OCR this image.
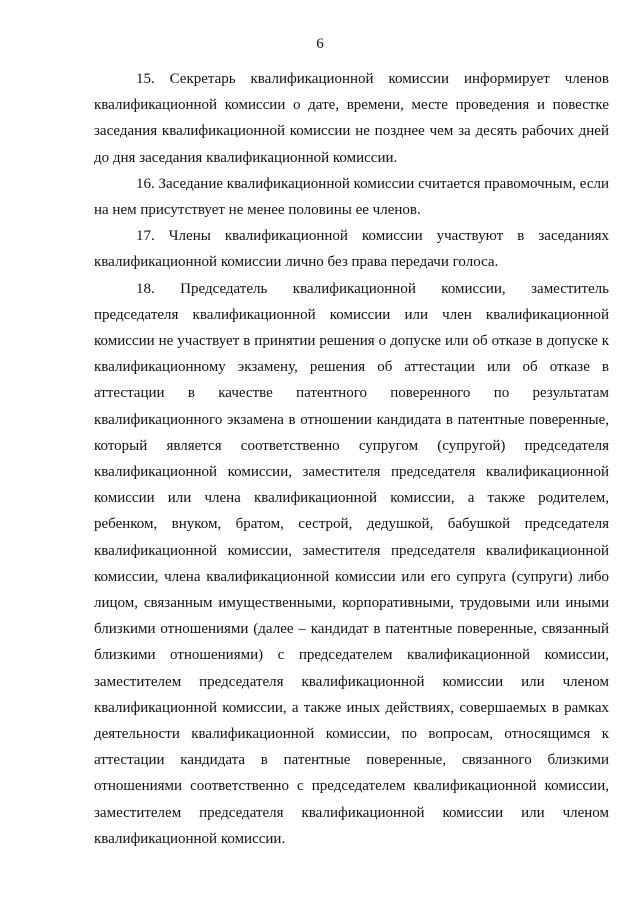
6

15. Секретарь квалификационной комиссии информирует членов квалификационной комиссии о дате, времени, месте проведения и повестке заседания квалификационной комиссии не позднее чем за десять рабочих дней до дня заседания квалификационной комиссии.

16. Заседание квалификационной комиссии считается правомочным, если на нем присутствует не менее половины ее членов.

17. Члены квалификационной комиссии участвуют в заседаниях квалификационной комиссии лично без права передачи голоса.

18. Председатель квалификационной комиссии, заместитель председателя квалификационной комиссии или член квалификационной комиссии не участвует в принятии решения о допуске или об отказе в допуске к квалификационному экзамену, решения об аттестации или об отказе в аттестации в качестве патентного поверенного по результатам квалификационного экзамена в отношении кандидата в патентные поверенные, который является соответственно супругом (супругой) председателя квалификационной комиссии, заместителя председателя квалификационной комиссии или члена квалификационной комиссии, а также родителем, ребенком, внуком, братом, сестрой, дедушкой, бабушкой председателя квалификационной комиссии, заместителя председателя квалификационной комиссии, члена квалификационной комиссии или его супруга (супруги) либо лицом, связанным имущественными, корпоративными, трудовыми или иными близкими отношениями (далее – кандидат в патентные поверенные, связанный близкими отношениями) с председателем квалификационной комиссии, заместителем председателя квалификационной комиссии или членом квалификационной комиссии, а также иных действиях, совершаемых в рамках деятельности квалификационной комиссии, по вопросам, относящимся к аттестации кандидата в патентные поверенные, связанного близкими отношениями соответственно с председателем квалификационной комиссии, заместителем председателя квалификационной комиссии или членом квалификационной комиссии.
